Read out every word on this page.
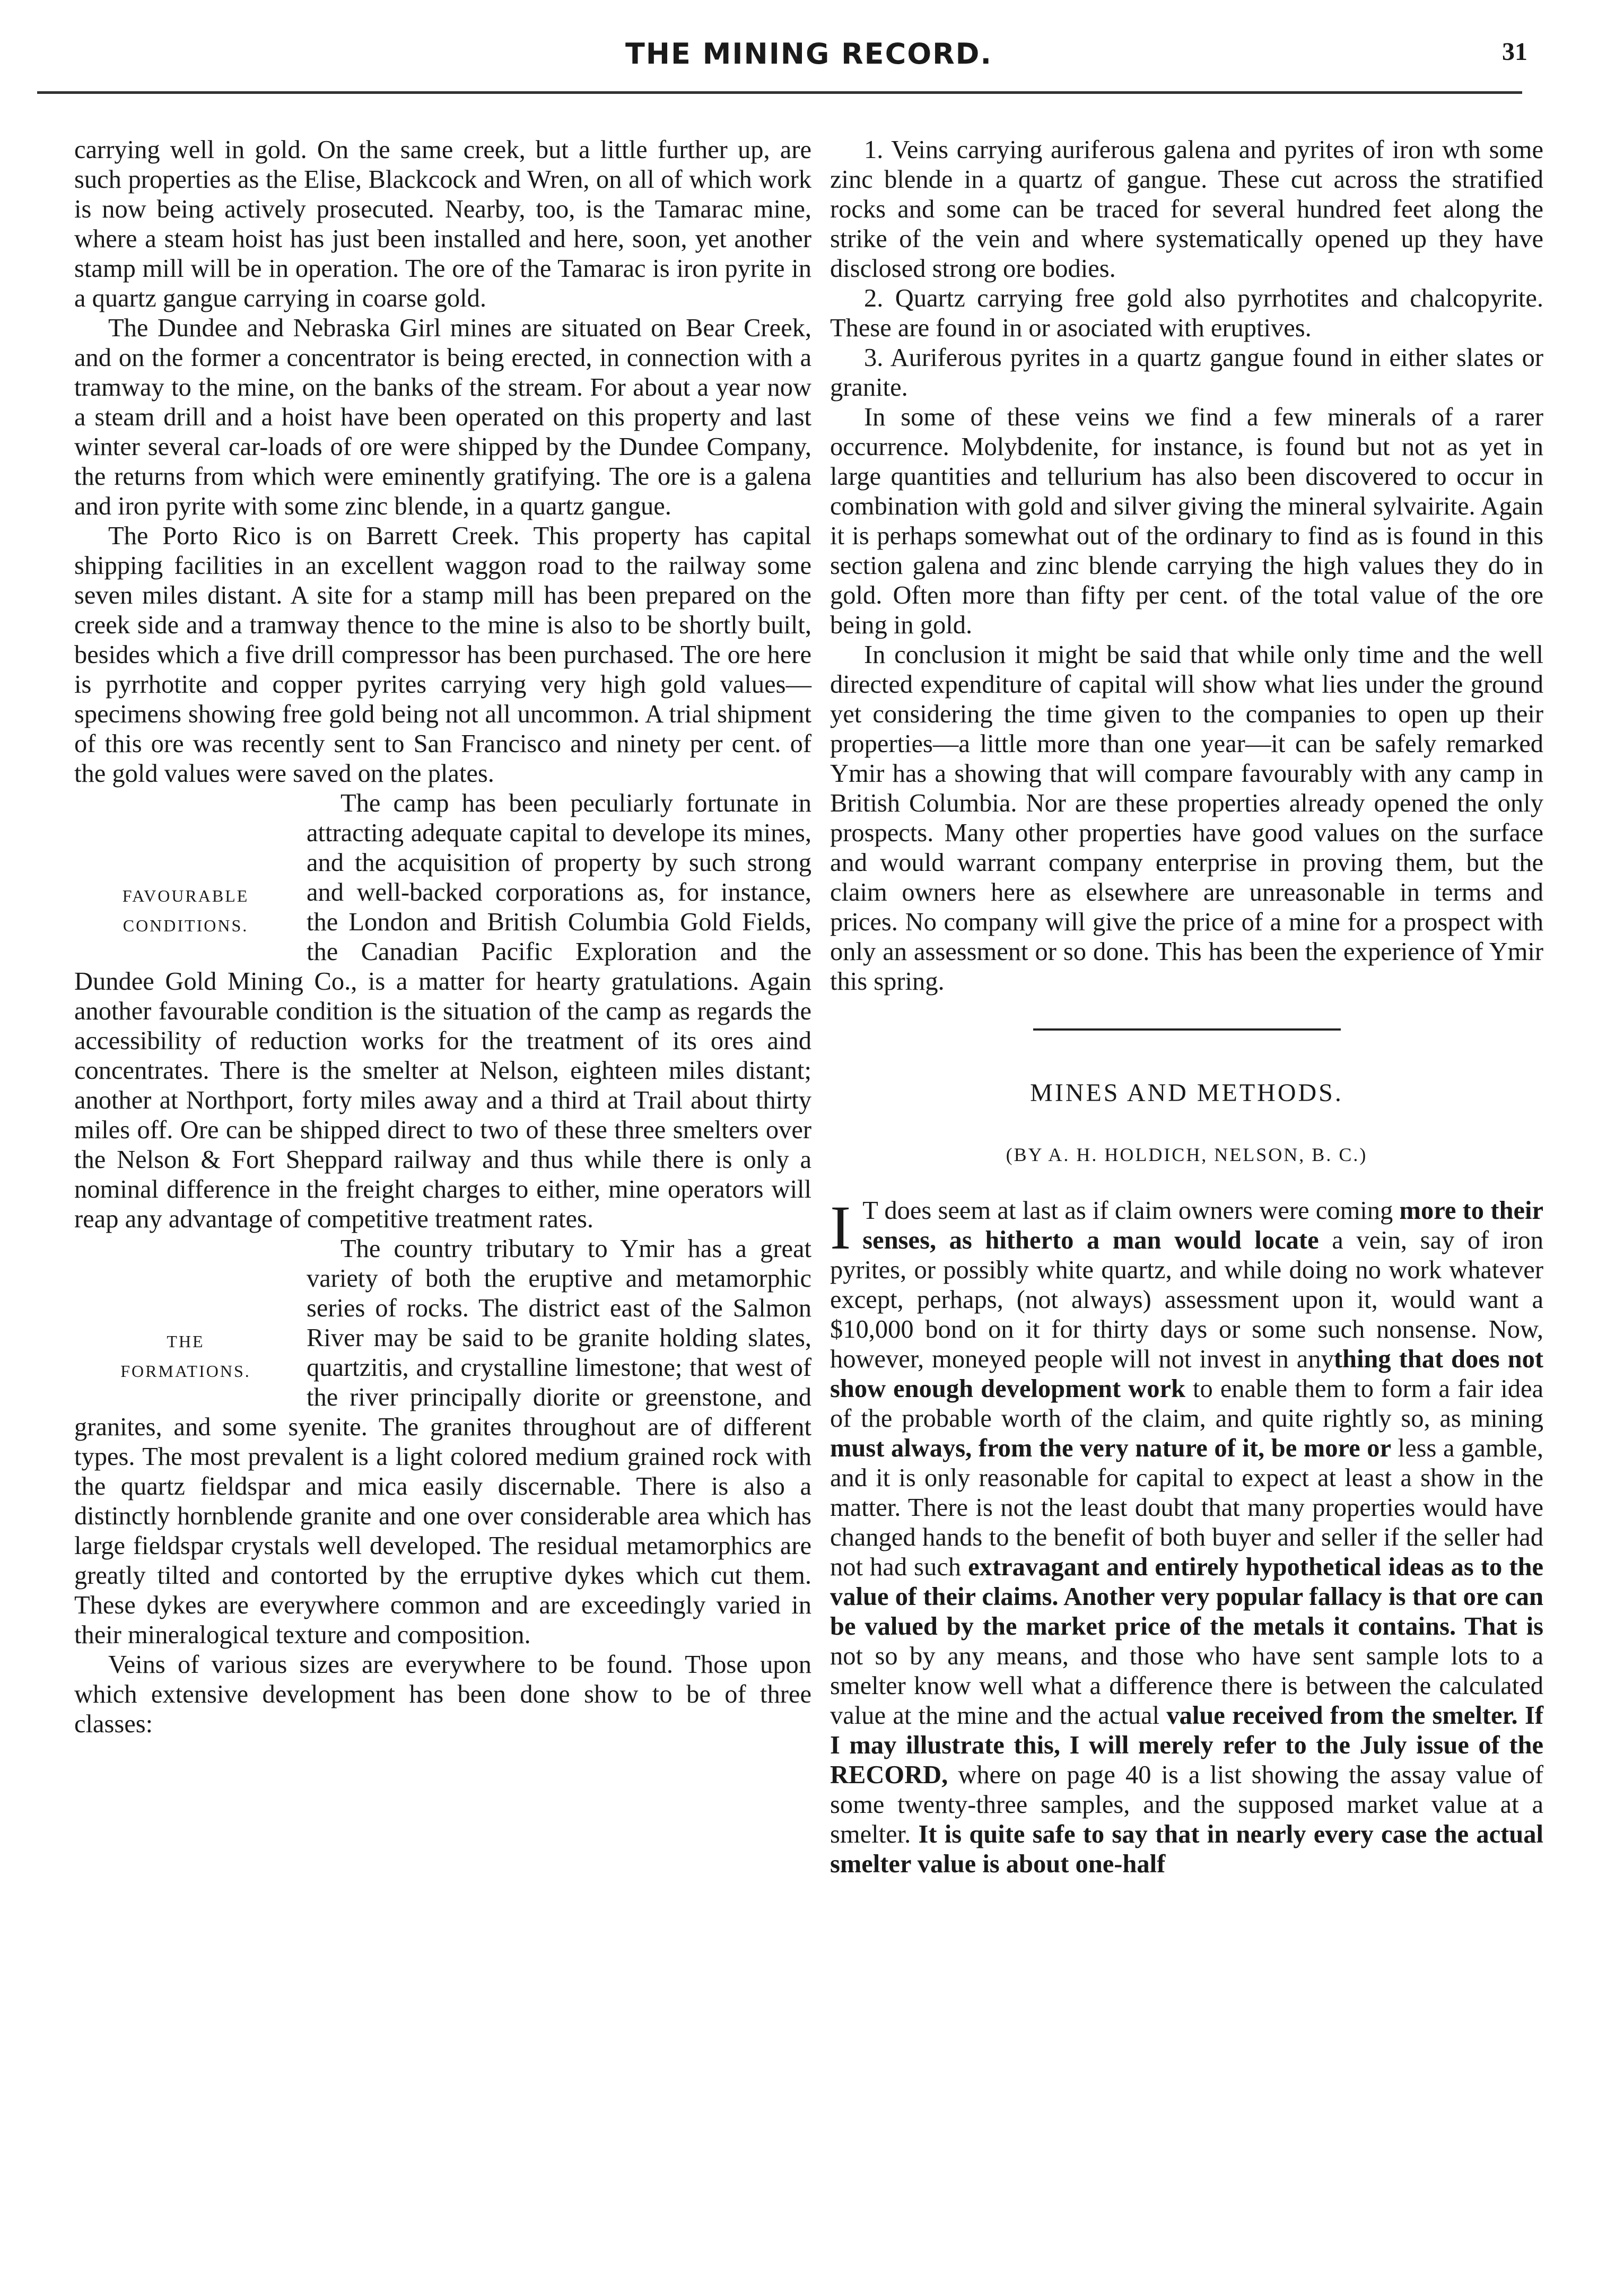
THE MINING RECORD.	31

carrying well in gold. On the same creek, but a little further up, are such properties as the Elise, Blackcock and Wren, on all of which work is now being actively prosecuted. Nearby, too, is the Tamarac mine, where a steam hoist has just been installed and here, soon, yet another stamp mill will be in operation. The ore of the Tamarac is iron pyrite in a quartz gangue carrying in coarse gold.

The Dundee and Nebraska Girl mines are situated on Bear Creek, and on the former a concentrator is being erected, in connection with a tramway to the mine, on the banks of the stream. For about a year now a steam drill and a hoist have been operated on this property and last winter several car-loads of ore were shipped by the Dundee Company, the returns from which were eminently gratifying. The ore is a galena and iron pyrite with some zinc blende, in a quartz gangue.

The Porto Rico is on Barrett Creek. This property has capital shipping facilities in an excellent waggon road to the railway some seven miles distant. A site for a stamp mill has been prepared on the creek side and a tramway thence to the mine is also to be shortly built, besides which a five drill compressor has been purchased. The ore here is pyrrhotite and copper pyrites carrying very high gold values—specimens showing free gold being not all uncommon. A trial shipment of this ore was recently sent to San Francisco and ninety per cent. of the gold values were saved on the plates.

FAVOURABLE
CONDITIONS.

The camp has been peculiarly fortunate in attracting adequate capital to develope its mines, and the acquisition of property by such strong and well-backed corporations as, for instance, the London and British Columbia Gold Fields, the Canadian Pacific Exploration and the Dundee Gold Mining Co., is a matter for hearty gratulations. Again another favourable condition is the situation of the camp as regards the accessibility of reduction works for the treatment of its ores aind concentrates. There is the smelter at Nelson, eighteen miles distant; another at Northport, forty miles away and a third at Trail about thirty miles off. Ore can be shipped direct to two of these three smelters over the Nelson & Fort Sheppard railway and thus while there is only a nominal difference in the freight charges to either, mine operators will reap any advantage of competitive treatment rates.

THE
FORMATIONS.

The country tributary to Ymir has a great variety of both the eruptive and metamorphic series of rocks. The district east of the Salmon River may be said to be granite holding slates, quartzitis, and crystalline limestone; that west of the river principally diorite or greenstone, and granites, and some syenite. The granites throughout are of different types. The most prevalent is a light colored medium grained rock with the quartz fieldspar and mica easily discernable. There is also a distinctly hornblende granite and one over considerable area which has large fieldspar crystals well developed. The residual metamorphics are greatly tilted and contorted by the erruptive dykes which cut them. These dykes are everywhere common and are exceedingly varied in their mineralogical texture and composition.

Veins of various sizes are everywhere to be found. Those upon which extensive development has been done show to be of three classes:

1. Veins carrying auriferous galena and pyrites of iron wth some zinc blende in a quartz of gangue. These cut across the stratified rocks and some can be traced for several hundred feet along the strike of the vein and where systematically opened up they have disclosed strong ore bodies.

2. Quartz carrying free gold also pyrrhotites and chalcopyrite. These are found in or asociated with eruptives.

3. Auriferous pyrites in a quartz gangue found in either slates or granite.

In some of these veins we find a few minerals of a rarer occurrence. Molybdenite, for instance, is found but not as yet in large quantities and tellurium has also been discovered to occur in combination with gold and silver giving the mineral sylvairite. Again it is perhaps somewhat out of the ordinary to find as is found in this section galena and zinc blende carrying the high values they do in gold. Often more than fifty per cent. of the total value of the ore being in gold.

In conclusion it might be said that while only time and the well directed expenditure of capital will show what lies under the ground yet considering the time given to the companies to open up their properties—a little more than one year—it can be safely remarked Ymir has a showing that will compare favourably with any camp in British Columbia. Nor are these properties already opened the only prospects. Many other properties have good values on the surface and would warrant company enterprise in proving them, but the claim owners here as elsewhere are unreasonable in terms and prices. No company will give the price of a mine for a prospect with only an assessment or so done. This has been the experience of Ymir this spring.

MINES AND METHODS.
(BY A. H. HOLDICH, NELSON, B. C.)

I T does seem at last as if claim owners were coming more to their senses, as hitherto a man would locate a vein, say of iron pyrites, or possibly white quartz, and while doing no work whatever except, perhaps, (not always) assessment upon it, would want a $10,000 bond on it for thirty days or some such nonsense. Now, however, moneyed people will not invest in anything that does not show enough development work to enable them to form a fair idea of the probable worth of the claim, and quite rightly so, as mining must always, from the very nature of it, be more or less a gamble, and it is only reasonable for capital to expect at least a show in the matter. There is not the least doubt that many properties would have changed hands to the benefit of both buyer and seller if the seller had not had such extravagant and entirely hypothetical ideas as to the value of their claims. Another very popular fallacy is that ore can be valued by the market price of the metals it contains. That is not so by any means, and those who have sent sample lots to a smelter know well what a difference there is between the calculated value at the mine and the actual value received from the smelter. If I may illustrate this, I will merely refer to the July issue of the RECORD, where on page 40 is a list showing the assay value of some twenty-three samples, and the supposed market value at a smelter. It is quite safe to say that in nearly every case the actual smelter value is about one-half
